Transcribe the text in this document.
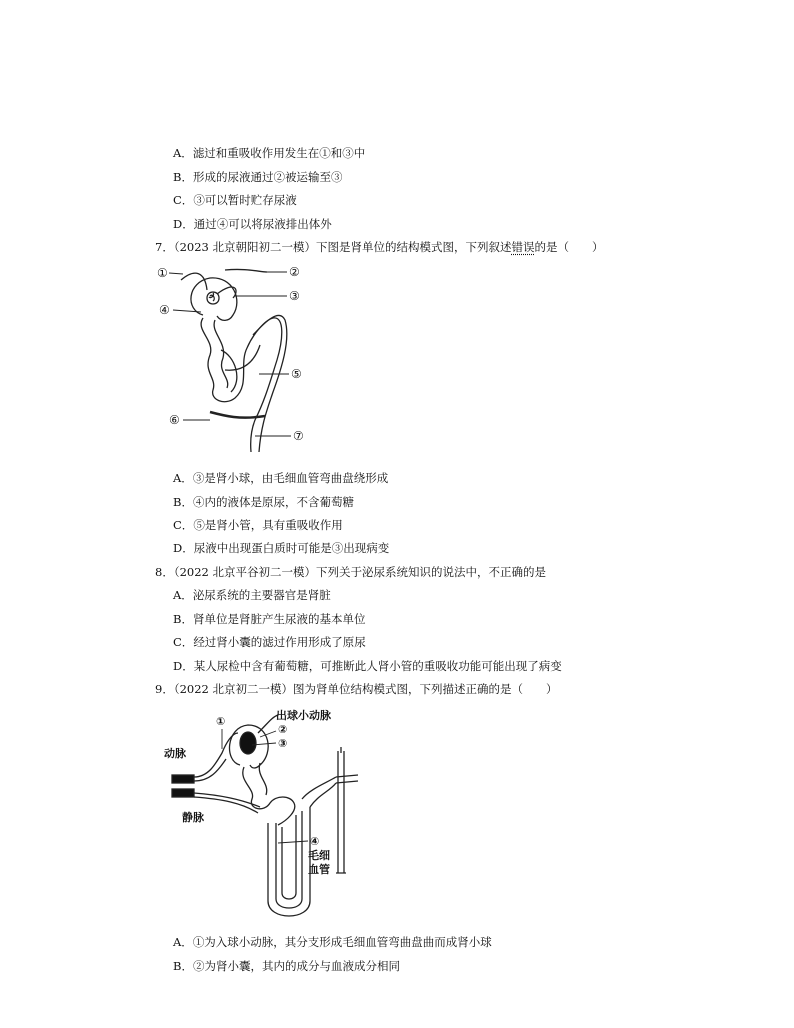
A．滤过和重吸收作用发生在①和③中
B．形成的尿液通过②被运输至③
C．③可以暂时贮存尿液
D．通过④可以将尿液排出体外
7．（2023 北京朝阳初二一模）下图是肾单位的结构模式图，下列叙述错误的是（　　）
①	②
③
④
⑤
⑥
⑦
A．③是肾小球，由毛细血管弯曲盘绕形成
B．④内的液体是原尿，不含葡萄糖
C．⑤是肾小管，具有重吸收作用
D．尿液中出现蛋白质时可能是③出现病变
8．（2022 北京平谷初二一模）下列关于泌尿系统知识的说法中，不正确的是
A．泌尿系统的主要器官是肾脏
B．肾单位是肾脏产生尿液的基本单位
C．经过肾小囊的滤过作用形成了原尿
D．某人尿检中含有葡萄糖，可推断此人肾小管的重吸收功能可能出现了病变
9．（2022 北京初二一模）图为肾单位结构模式图，下列描述正确的是（　　）
①	出球小动脉
②
③
动脉
静脉
④
毛细
血管
A．①为入球小动脉，其分支形成毛细血管弯曲盘曲而成肾小球
B．②为肾小囊，其内的成分与血液成分相同
